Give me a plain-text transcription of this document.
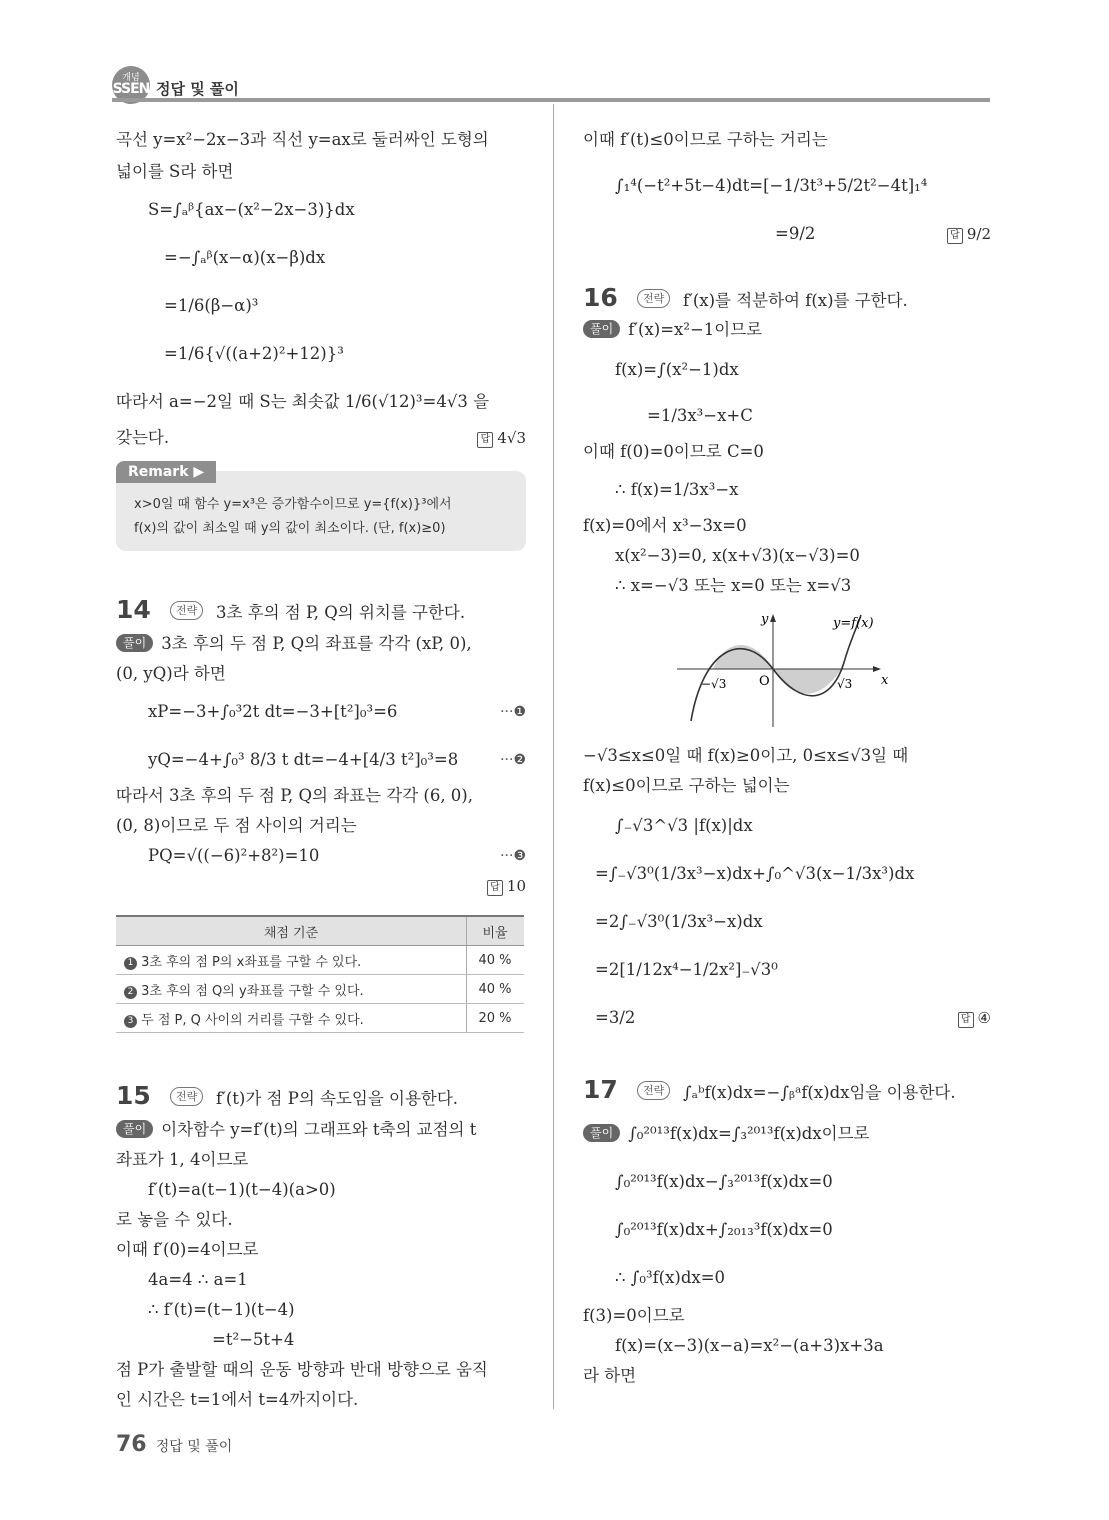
개념
SSEN 정답 및 풀이
곡선 y=x²−2x−3과 직선 y=ax로 둘러싸인 도형의
넓이를 S라 하면
S=∫ₐᵝ{ax−(x²−2x−3)}dx
=−∫ₐᵝ(x−α)(x−β)dx
=1/6(β−α)³
=1/6{√((a+2)²+12)}³
따라서 a=−2일 때 S는 최솟값 1/6(√12)³=4√3 을
갖는다.	답 4√3
Remark ▶
x>0일 때 함수 y=x³은 증가함수이므로 y={f(x)}³에서
f(x)의 값이 최소일 때 y의 값이 최소이다. (단, f(x)≥0)
14	전략	3초 후의 점 P, Q의 위치를 구한다.
풀이 3초 후의 두 점 P, Q의 좌표를 각각 (xP, 0),
(0, yQ)라 하면
xP=−3+∫₀³2t dt=−3+[t²]₀³=6	···❶
yQ=−4+∫₀³ 8/3 t dt=−4+[4/3 t²]₀³=8	···❷
따라서 3초 후의 두 점 P, Q의 좌표는 각각 (6, 0),
(0, 8)이므로 두 점 사이의 거리는
PQ=√((−6)²+8²)=10	···❸
답 10
채점 기준	비율
1 3초 후의 점 P의 x좌표를 구할 수 있다.	40 %
2 3초 후의 점 Q의 y좌표를 구할 수 있다.	40 %
3 두 점 P, Q 사이의 거리를 구할 수 있다.	20 %
15	전략	f′(t)가 점 P의 속도임을 이용한다.
풀이 이차함수 y=f′(t)의 그래프와 t축의 교점의 t
좌표가 1, 4이므로
f′(t)=a(t−1)(t−4)(a>0)
로 놓을 수 있다.
이때 f′(0)=4이므로
4a=4 ∴ a=1
∴ f′(t)=(t−1)(t−4)
=t²−5t+4
점 P가 출발할 때의 운동 방향과 반대 방향으로 움직
인 시간은 t=1에서 t=4까지이다.
이때 f′(t)≤0이므로 구하는 거리는
∫₁⁴(−t²+5t−4)dt=[−1/3t³+5/2t²−4t]₁⁴
=9/2	답 9/2
16	전략	f′(x)를 적분하여 f(x)를 구한다.
풀이 f′(x)=x²−1이므로
f(x)=∫(x²−1)dx
=1/3x³−x+C
이때 f(0)=0이므로 C=0
∴ f(x)=1/3x³−x
f(x)=0에서 x³−3x=0
x(x²−3)=0, x(x+√3)(x−√3)=0
∴ x=−√3 또는 x=0 또는 x=√3
y	y=f(x)
x
O
−√3	√3
−√3≤x≤0일 때 f(x)≥0이고, 0≤x≤√3일 때
f(x)≤0이므로 구하는 넓이는
∫₋√3^√3 |f(x)|dx
=∫₋√3⁰(1/3x³−x)dx+∫₀^√3(x−1/3x³)dx
=2∫₋√3⁰(1/3x³−x)dx
=2[1/12x⁴−1/2x²]₋√3⁰
=3/2	답 ④
17	전략	∫ₐᵇf(x)dx=−∫ᵦᵃf(x)dx임을 이용한다.
풀이 ∫₀²⁰¹³f(x)dx=∫₃²⁰¹³f(x)dx이므로
∫₀²⁰¹³f(x)dx−∫₃²⁰¹³f(x)dx=0
∫₀²⁰¹³f(x)dx+∫₂₀₁₃³f(x)dx=0
∴ ∫₀³f(x)dx=0
f(3)=0이므로
f(x)=(x−3)(x−a)=x²−(a+3)x+3a
라 하면
76 정답 및 풀이
